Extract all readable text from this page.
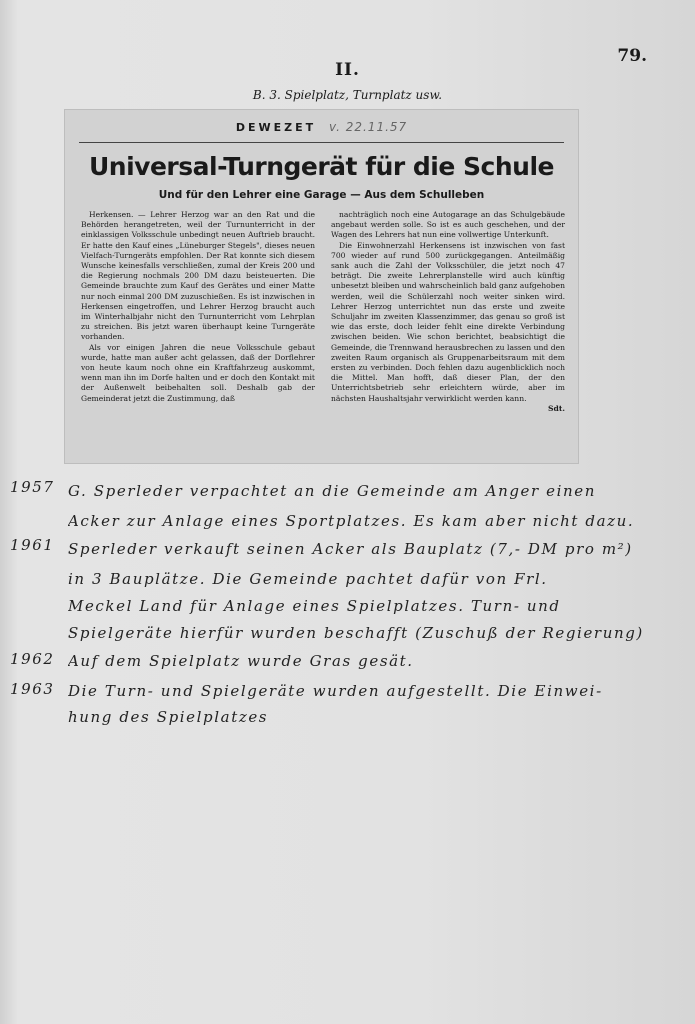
79.
II.
B. 3. Spielplatz, Turnplatz usw.
DEWEZET v. 22.11.57
Universal-Turngerät für die Schule
Und für den Lehrer eine Garage — Aus dem Schulleben

Herkensen. — Lehrer Herzog war an den Rat und die Behörden herangetreten, weil der Turnunterricht in der einklassigen Volksschule unbedingt neuen Auftrieb braucht. Er hatte den Kauf eines „Lüneburger Stegels", dieses neuen Vielfach-Turngeräts empfohlen. Der Rat konnte sich diesem Wunsche keinesfalls verschließen, zumal der Kreis 200 und die Regierung nochmals 200 DM dazu beisteuerten. Die Gemeinde brauchte zum Kauf des Gerätes und einer Matte nur noch einmal 200 DM zuzuschießen. Es ist inzwischen in Herkensen eingetroffen, und Lehrer Herzog braucht auch im Winterhalbjahr nicht den Turnunterricht vom Lehrplan zu streichen. Bis jetzt waren überhaupt keine Turngeräte vorhanden.

Als vor einigen Jahren die neue Volksschule gebaut wurde, hatte man außer acht gelassen, daß der Dorflehrer von heute kaum noch ohne ein Kraftfahrzeug auskommt, wenn man ihn im Dorfe halten und er doch den Kontakt mit der Außenwelt beibehalten soll. Deshalb gab der Gemeinderat jetzt die Zustimmung, daß

nachträglich noch eine Autogarage an das Schulgebäude angebaut werden solle. So ist es auch geschehen, und der Wagen des Lehrers hat nun eine vollwertige Unterkunft.

Die Einwohnerzahl Herkensens ist inzwischen von fast 700 wieder auf rund 500 zurückgegangen. Anteilmäßig sank auch die Zahl der Volksschüler, die jetzt noch 47 beträgt. Die zweite Lehrerplanstelle wird auch künftig unbesetzt bleiben und wahrscheinlich bald ganz aufgehoben werden, weil die Schülerzahl noch weiter sinken wird. Lehrer Herzog unterrichtet nun das erste und zweite Schuljahr im zweiten Klassenzimmer, das genau so groß ist wie das erste, doch leider fehlt eine direkte Verbindung zwischen beiden. Wie schon berichtet, beabsichtigt die Gemeinde, die Trennwand herausbrechen zu lassen und den zweiten Raum organisch als Gruppenarbeitsraum mit dem ersten zu verbinden. Doch fehlen dazu augenblicklich noch die Mittel. Man hofft, daß dieser Plan, der den Unterrichtsbetrieb sehr erleichtern würde, aber im nächsten Haushaltsjahr verwirklicht werden kann.

Sdt.

1957 G. Sperleder verpachtet an die Gemeinde am Anger einen
Acker zur Anlage eines Sportplatzes. Es kam aber nicht dazu.
1961 Sperleder verkauft seinen Acker als Bauplatz (7,- DM pro m²)
in 3 Bauplätze. Die Gemeinde pachtet dafür von Frl.
Meckel Land für Anlage eines Spielplatzes. Turn- und
Spielgeräte hierfür wurden beschafft (Zuschuß der Regierung)
1962 Auf dem Spielplatz wurde Gras gesät.
1963 Die Turn- und Spielgeräte wurden aufgestellt. Die Einwei-
hung des Spielplatzes
